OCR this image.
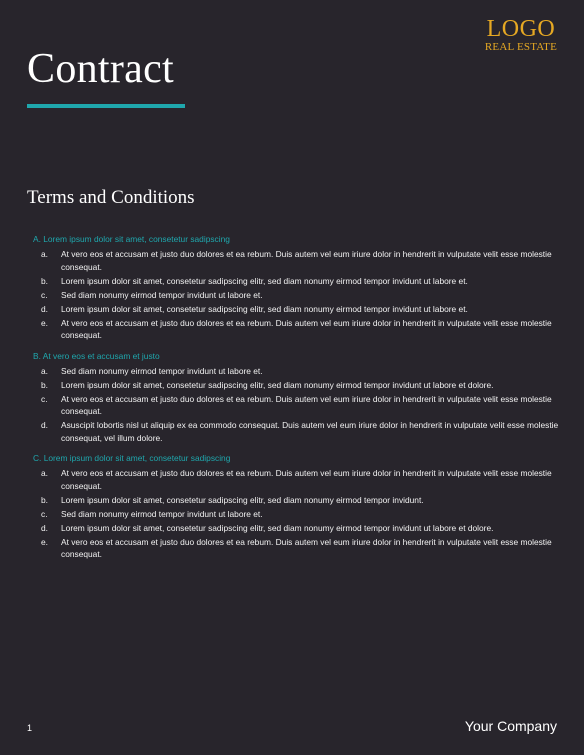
LOGO
REAL ESTATE
Contract
Terms and Conditions
A. Lorem ipsum dolor sit amet, consetetur sadipscing
a.	At vero eos et accusam et justo duo dolores et ea rebum. Duis autem vel eum iriure dolor in hendrerit in vulputate velit esse molestie consequat.
b.	Lorem ipsum dolor sit amet, consetetur sadipscing elitr, sed diam nonumy eirmod tempor invidunt ut labore et.
c.	Sed diam nonumy eirmod tempor invidunt ut labore et.
d.	Lorem ipsum dolor sit amet, consetetur sadipscing elitr, sed diam nonumy eirmod tempor invidunt ut labore et.
e.	At vero eos et accusam et justo duo dolores et ea rebum. Duis autem vel eum iriure dolor in hendrerit in vulputate velit esse molestie consequat.
B. At vero eos et accusam et justo
a.	Sed diam nonumy eirmod tempor invidunt ut labore et.
b.	Lorem ipsum dolor sit amet, consetetur sadipscing elitr, sed diam nonumy eirmod tempor invidunt ut labore et dolore.
c.	At vero eos et accusam et justo duo dolores et ea rebum. Duis autem vel eum iriure dolor in hendrerit in vulputate velit esse molestie consequat.
d.	Asuscipit lobortis nisl ut aliquip ex ea commodo consequat. Duis autem vel eum iriure dolor in hendrerit in vulputate velit esse molestie consequat, vel illum dolore.
C. Lorem ipsum dolor sit amet, consetetur sadipscing
a.	At vero eos et accusam et justo duo dolores et ea rebum. Duis autem vel eum iriure dolor in hendrerit in vulputate velit esse molestie consequat.
b.	Lorem ipsum dolor sit amet, consetetur sadipscing elitr, sed diam nonumy eirmod tempor invidunt.
c.	Sed diam nonumy eirmod tempor invidunt ut labore et.
d.	Lorem ipsum dolor sit amet, consetetur sadipscing elitr, sed diam nonumy eirmod tempor invidunt ut labore et dolore.
e.	At vero eos et accusam et justo duo dolores et ea rebum. Duis autem vel eum iriure dolor in hendrerit in vulputate velit esse molestie consequat.
1	Your Company
